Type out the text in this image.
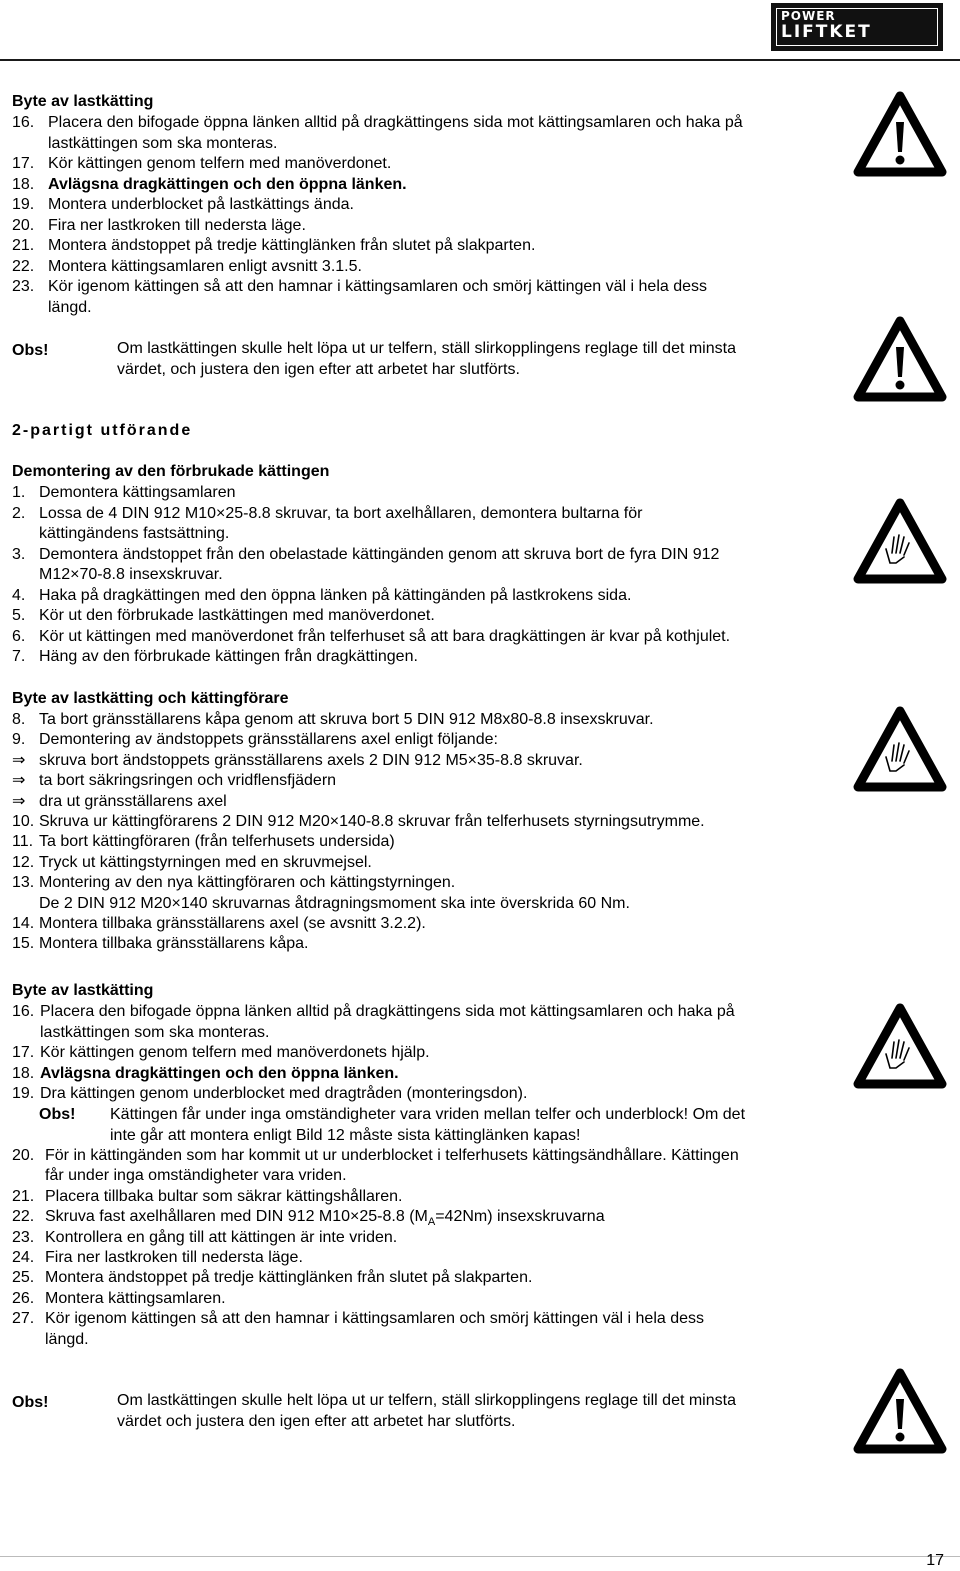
POWER
LIFTKET
Byte av lastkätting
16. Placera den bifogade öppna länken alltid på dragkättingens sida mot kättingsamlaren och haka på
lastkättingen som ska monteras.
17. Kör kättingen genom telfern med manöverdonet.
18. Avlägsna dragkättingen och den öppna länken.
19. Montera underblocket på lastkättings ända.
20. Fira ner lastkroken till nedersta läge.
21. Montera ändstoppet på tredje kättinglänken från slutet på slakparten.
22. Montera kättingsamlaren enligt avsnitt 3.1.5.
23. Kör igenom kättingen så att den hamnar i kättingsamlaren och smörj kättingen väl i hela dess
längd.
Obs!	Om lastkättingen skulle helt löpa ut ur telfern, ställ slirkopplingens reglage till det minsta
värdet, och justera den igen efter att arbetet har slutförts.
2-partigt utförande
Demontering av den förbrukade kättingen
1. Demontera kättingsamlaren
2. Lossa de 4 DIN 912 M10×25-8.8 skruvar, ta bort axelhållaren, demontera bultarna för
kättingändens fastsättning.
3. Demontera ändstoppet från den obelastade kättingänden genom att skruva bort de fyra DIN 912
M12×70-8.8 insexskruvar.
4. Haka på dragkättingen med den öppna länken på kättingänden på lastkrokens sida.
5. Kör ut den förbrukade lastkättingen med manöverdonet.
6. Kör ut kättingen med manöverdonet från telferhuset så att bara dragkättingen är kvar på kothjulet.
7. Häng av den förbrukade kättingen från dragkättingen.
Byte av lastkätting och kättingförare
8. Ta bort gränsställarens kåpa genom att skruva bort 5 DIN 912 M8x80-8.8 insexskruvar.
9. Demontering av ändstoppets gränsställarens axel enligt följande:
⇒ skruva bort ändstoppets gränsställarens axels 2 DIN 912 M5×35-8.8 skruvar.
⇒ ta bort säkringsringen och vridflensfjädern
⇒ dra ut gränsställarens axel
10. Skruva ur kättingförarens 2 DIN 912 M20×140-8.8 skruvar från telferhusets styrningsutrymme.
11. Ta bort kättingföraren (från telferhusets undersida)
12. Tryck ut kättingstyrningen med en skruvmejsel.
13. Montering av den nya kättingföraren och kättingstyrningen.
De 2 DIN 912 M20×140 skruvarnas åtdragningsmoment ska inte överskrida 60 Nm.
14. Montera tillbaka gränsställarens axel (se avsnitt 3.2.2).
15. Montera tillbaka gränsställarens kåpa.
Byte av lastkätting
16. Placera den bifogade öppna länken alltid på dragkättingens sida mot kättingsamlaren och haka på
lastkättingen som ska monteras.
17. Kör kättingen genom telfern med manöverdonets hjälp.
18. Avlägsna dragkättingen och den öppna länken.
19. Dra kättingen genom underblocket med dragtråden (monteringsdon).
Obs! Kättingen får under inga omständigheter vara vriden mellan telfer och underblock! Om det
inte går att montera enligt Bild 12 måste sista kättinglänken kapas!
20. För in kättingänden som har kommit ut ur underblocket i telferhusets kättingsändhållare. Kättingen
får under inga omständigheter vara vriden.
21. Placera tillbaka bultar som säkrar kättingshållaren.
22. Skruva fast axelhållaren med DIN 912 M10×25-8.8 $(M_A=42Nm)$ insexskruvarna
23. Kontrollera en gång till att kättingen är inte vriden.
24. Fira ner lastkroken till nedersta läge.
25. Montera ändstoppet på tredje kättinglänken från slutet på slakparten.
26. Montera kättingsamlaren.
27. Kör igenom kättingen så att den hamnar i kättingsamlaren och smörj kättingen väl i hela dess
längd.
Obs!	Om lastkättingen skulle helt löpa ut ur telfern, ställ slirkopplingens reglage till det minsta
värdet och justera den igen efter att arbetet har slutförts.
17
